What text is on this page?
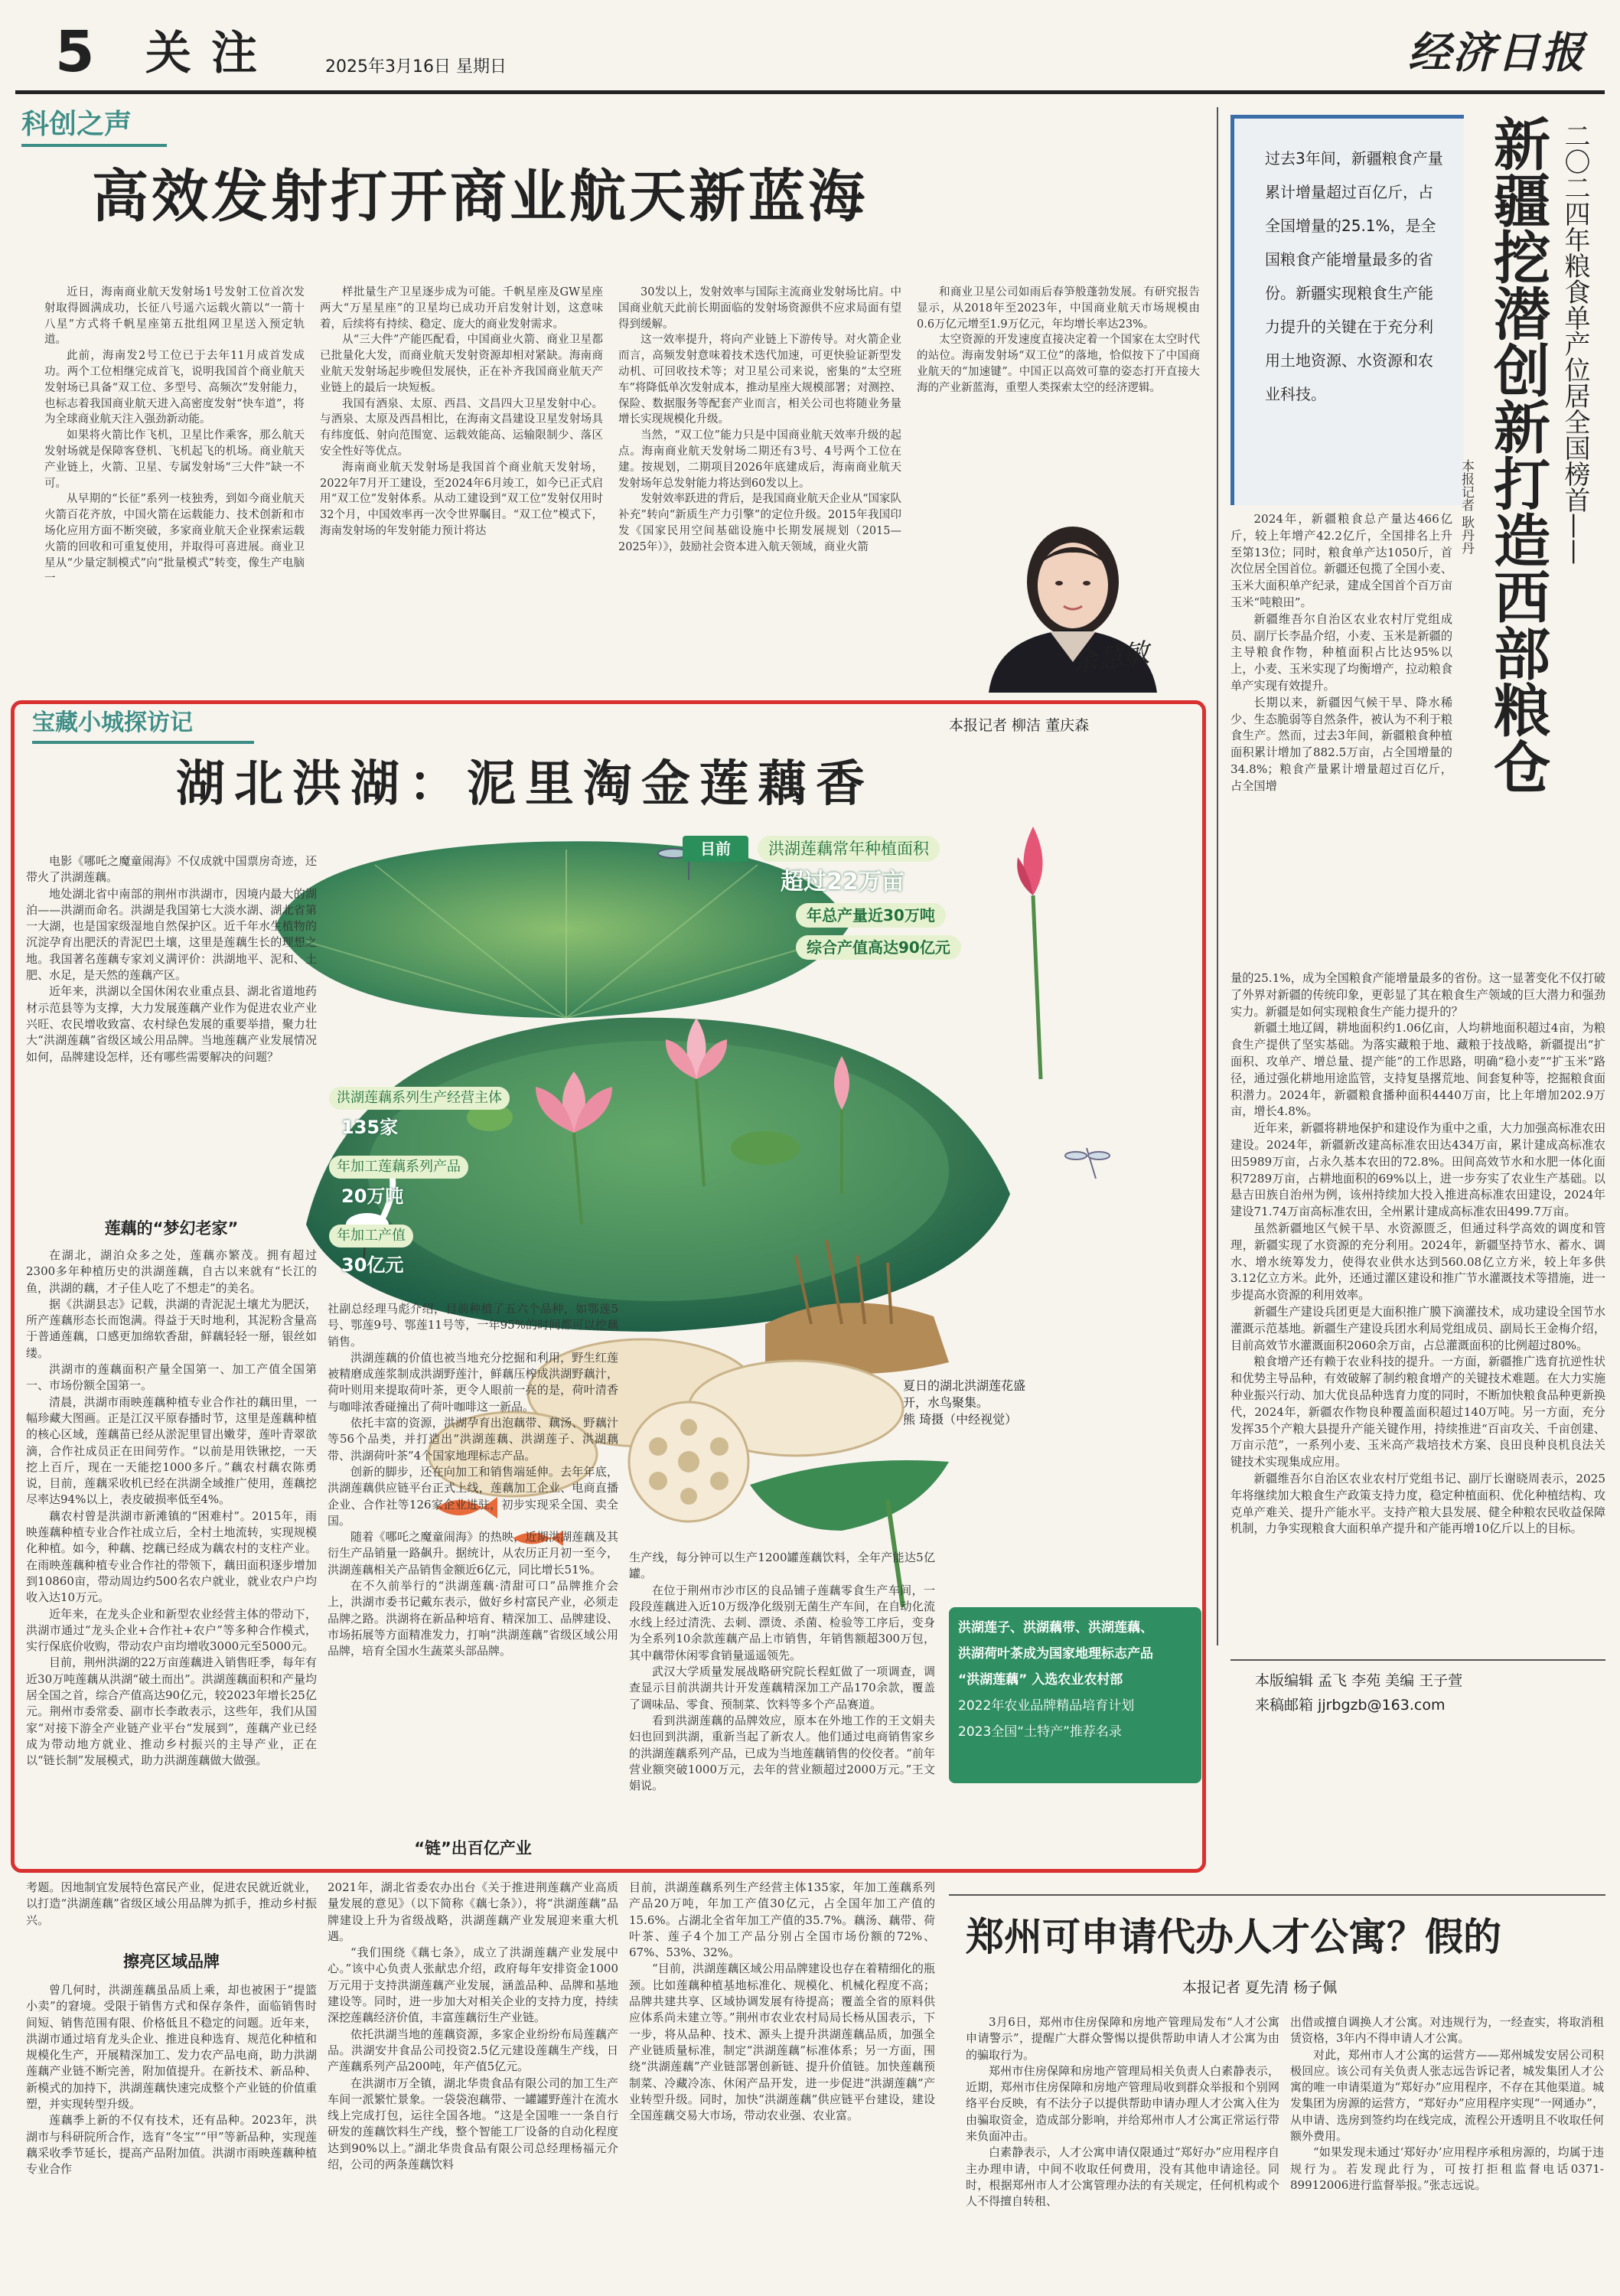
5 关注	2025年3月16日 星期日	经济日报
科创之声
高效发射打开商业航天新蓝海

近日，海南商业航天发射场1号发射工位首次发射取得圆满成功，长征八号遥六运载火箭以“一箭十八星”方式将千帆星座第五批组网卫星送入预定轨道。

此前，海南发2号工位已于去年11月成首发成功。两个工位相继完成首飞，说明我国首个商业航天发射场已具备“双工位、多型号、高频次”发射能力，也标志着我国商业航天进入高密度发射“快车道”，将为全球商业航天注入强劲新动能。

如果将火箭比作飞机，卫星比作乘客，那么航天发射场就是保障客登机、飞机起飞的机场。商业航天产业链上，火箭、卫星、专属发射场“三大件”缺一不可。

从早期的“长征”系列一枝独秀，到如今商业航天火箭百花齐放，中国火箭在运载能力、技术创新和市场化应用方面不断突破，多家商业航天企业探索运载火箭的回收和可重复使用，并取得可喜进展。商业卫星从“少量定制模式”向“批量模式”转变，像生产电脑一

样批量生产卫星逐步成为可能。千帆星座及GW星座两大“万星星座”的卫星均已成功开启发射计划，这意味着，后续将有持续、稳定、庞大的商业发射需求。

从“三大件”产能匹配看，中国商业火箭、商业卫星都已批量化大发，而商业航天发射资源却相对紧缺。海南商业航天发射场起步晚但发展快，正在补齐我国商业航天产业链上的最后一块短板。

我国有酒泉、太原、西昌、文昌四大卫星发射中心。与酒泉、太原及西昌相比，在海南文昌建设卫星发射场具有纬度低、射向范围宽、运载效能高、运输限制少、落区安全性好等优点。

海南商业航天发射场是我国首个商业航天发射场，2022年7月开工建设，至2024年6月竣工，如今已正式启用“双工位”发射体系。从动工建设到“双工位”发射仅用时32个月，中国效率再一次令世界瞩目。“双工位”模式下，海南发射场的年发射能力预计将达

30发以上，发射效率与国际主流商业发射场比肩。中国商业航天此前长期面临的发射场资源供不应求局面有望得到缓解。

这一效率提升，将向产业链上下游传导。对火箭企业而言，高频发射意味着技术迭代加速，可更快验证新型发动机、可回收技术等；对卫星公司来说，密集的“太空班车”将降低单次发射成本，推动星座大规模部署；对测控、保险、数据服务等配套产业而言，相关公司也将随业务量增长实现规模化升级。

当然，“双工位”能力只是中国商业航天效率升级的起点。海南商业航天发射场二期还有3号、4号两个工位在建。按规划，二期项目2026年底建成后，海南商业航天发射场年总发射能力将达到60发以上。

发射效率跃进的背后，是我国商业航天企业从“国家队补充”转向“新质生产力引擎”的定位升级。2015年我国印发《国家民用空间基础设施中长期发展规划（2015—2025年）》，鼓励社会资本进入航天领域，商业火箭

和商业卫星公司如雨后春笋般蓬勃发展。有研究报告显示，从2018年至2023年，中国商业航天市场规模由0.6万亿元增至1.9万亿元，年均增长率达23%。

太空资源的开发速度直接决定着一个国家在太空时代的站位。海南发射场“双工位”的落地，恰似按下了中国商业航天的“加速键”。中国正以高效可靠的姿态打开直接大海的产业新蓝海，重塑人类探索太空的经济逻辑。

余慧敏
过去3年间，新疆粮食产量累计增量超过百亿斤，占全国增量的25.1%，是全国粮食产能增量最多的省份。新疆实现粮食生产能力提升的关键在于充分利用土地资源、水资源和农业科技。	新疆挖潜创新打造西部粮仓 二〇二四年粮食单产位居全国榜首——
本报记者 耿丹丹

2024年，新疆粮食总产量达466亿斤，较上年增产42.2亿斤，全国排名上升至第13位；同时，粮食单产达1050斤，首次位居全国首位。新疆还包揽了全国小麦、玉米大面积单产纪录，建成全国首个百万亩玉米“吨粮田”。

新疆维吾尔自治区农业农村厅党组成员、副厅长李晶介绍，小麦、玉米是新疆的主导粮食作物，种植面积占比达95%以上，小麦、玉米实现了均衡增产，拉动粮食单产实现有效提升。

长期以来，新疆因气候干旱、降水稀少、生态脆弱等自然条件，被认为不利于粮食生产。然而，过去3年间，新疆粮食种植面积累计增加了882.5万亩，占全国增量的34.8%；粮食产量累计增量超过百亿斤，占全国增

量的25.1%，成为全国粮食产能增量最多的省份。这一显著变化不仅打破了外界对新疆的传统印象，更彰显了其在粮食生产领域的巨大潜力和强劲实力。新疆是如何实现粮食生产能力提升的？

新疆土地辽阔，耕地面积约1.06亿亩，人均耕地面积超过4亩，为粮食生产提供了坚实基础。为落实藏粮于地、藏粮于技战略，新疆提出“扩面积、攻单产、增总量、提产能”的工作思路，明确“稳小麦”“扩玉米”路径，通过强化耕地用途监管，支持复垦撂荒地、间套复种等，挖掘粮食面积潜力。2024年，新疆粮食播种面积4440万亩，比上年增加202.9万亩，增长4.8%。

近年来，新疆将耕地保护和建设作为重中之重，大力加强高标准农田建设。2024年，新疆新改建高标准农田达434万亩，累计建成高标准农田5989万亩，占永久基本农田的72.8%。田间高效节水和水肥一体化面积7289万亩，占耕地面积的69%以上，进一步夯实了农业生产基础。以悬吉田族自治州为例，该州持续加大投入推进高标准农田建设，2024年建设71.74万亩高标准农田，全州累计建成高标准农田499.7万亩。

虽然新疆地区气候干旱、水资源匮乏，但通过科学高效的调度和管理，新疆实现了水资源的充分利用。2024年，新疆坚持节水、蓄水、调水、增水统筹发力，使得农业供水达到560.08亿立方米，较上年多供3.12亿立方米。此外，还通过灌区建设和推广节水灌溉技术等措施，进一步提高水资源的利用效率。

新疆生产建设兵团更是大面积推广膜下滴灌技术，成功建设全国节水灌溉示范基地。新疆生产建设兵团水利局党组成员、副局长王金梅介绍，目前高效节水灌溉面积2060余万亩，占总灌溉面积的比例超过80%。

粮食增产还有赖于农业科技的提升。一方面，新疆推广选育抗逆性状和优势主导品种，有效破解了制约粮食增产的关键技术难题。在大力实施种业振兴行动、加大优良品种选育力度的同时，不断加快粮食品种更新换代，2024年，新疆农作物良种覆盖面积超过140万吨。另一方面，充分发挥35个产粮大县提升产能关键作用，持续推进“百亩攻关、千亩创建、万亩示范”，一系列小麦、玉米高产栽培技术方案、良田良种良机良法关键技术实现集成应用。

新疆维吾尔自治区农业农村厅党组书记、副厅长谢晓周表示，2025年将继续加大粮食生产政策支持力度，稳定种植面积、优化种植结构、攻克单产难关、提升产能水平。支持产粮大县发展、健全种粮农民收益保障机制，力争实现粮食大面积单产提升和产能再增10亿斤以上的目标。

本版编辑 孟飞 李苑 美编 王子萱
来稿邮箱 jjrbgzb@163.com
宝藏小城探访记	本报记者 柳洁 董庆森
湖北洪湖：泥里淘金莲藕香
目前	洪湖莲藕常年种植面积
超过22万亩
年总产量近30万吨
综合产值高达90亿元
洪湖莲藕系列生产经营主体
135家
年加工莲藕系列产品
20万吨
年加工产值
30亿元
夏日的湖北洪湖莲花盛
开，水鸟聚集。
熊 琦摄（中经视觉）
洪湖莲子、洪湖藕带、洪湖莲藕、
洪湖荷叶茶成为国家地理标志产品
“洪湖莲藕” 入选农业农村部
2022年农业品牌精品培育计划
2023全国“土特产”推荐名录

电影《哪吒之魔童闹海》不仅成就中国票房奇迹，还带火了洪湖莲藕。

地处湖北省中南部的荆州市洪湖市，因境内最大的湖泊——洪湖而命名。洪湖是我国第七大淡水湖、湖北省第一大湖，也是国家级湿地自然保护区。近千年水生植物的沉淀孕育出肥沃的青泥巴土壤，这里是莲藕生长的理想之地。我国著名莲藕专家刘义满评价：洪湖地平、泥和、土肥、水足，是天然的莲藕产区。

近年来，洪湖以全国休闲农业重点县、湖北省道地药材示范县等为支撑，大力发展莲藕产业作为促进农业产业兴旺、农民增收致富、农村绿色发展的重要举措，聚力壮大“洪湖莲藕”省级区域公用品牌。当地莲藕产业发展情况如何，品牌建设怎样，还有哪些需要解决的问题？

莲藕的“梦幻老家”

在湖北，湖泊众多之处，莲藕亦繁茂。拥有超过2300多年种植历史的洪湖莲藕，自古以来就有“长江的鱼，洪湖的藕，才子佳人吃了不想走”的美名。

据《洪湖县志》记载，洪湖的青泥泥土壤尤为肥沃，所产莲藕形态长而饱满。得益于天时地利，其泥粉含量高于普通莲藕，口感更加绵软香甜，鲜藕轻轻一掰，银丝如缕。

洪湖市的莲藕面积产量全国第一、加工产值全国第一、市场份额全国第一。

清晨，洪湖市雨映莲藕种植专业合作社的藕田里，一幅珍藏大图画。正是江汉平原春播时节，这里是莲藕种植的核心区域，莲藕苗已经从淤泥里冒出嫩芽，莲叶青翠欲滴，合作社成员正在田间劳作。“以前是用铁锹挖，一天挖上百斤，现在一天能挖1000多斤。”藕农村藕农陈勇说，目前，莲藕采收机已经在洪湖全域推广使用，莲藕挖尽率达94%以上，表皮破损率低至4%。

藕农村曾是洪湖市新滩镇的“困难村”。2015年，雨映莲藕种植专业合作社成立后，全村土地流转，实现规模化种植。如今，种藕、挖藕已经成为藕农村的支柱产业。在雨映莲藕种植专业合作社的带领下，藕田面积逐步增加到10860亩，带动周边约500名农户就业，就业农户户均收入达10万元。

近年来，在龙头企业和新型农业经营主体的带动下，洪湖市通过“龙头企业+合作社+农户”等多种合作模式，实行保底价收购，带动农户亩均增收3000元至5000元。

目前，荆州洪湖的22万亩莲藕进入销售旺季，每年有近30万吨莲藕从洪湖“破土而出”。洪湖莲藕面积和产量均居全国之首，综合产值高达90亿元，较2023年增长25亿元。荆州市委常委、副市长李敢表示，这些年，我们从国家“对接下游全产业链产业平台“发展到”，莲藕产业已经成为带动地方就业、推动乡村振兴的主导产业，正在以“链长制”发展模式，助力洪湖莲藕做大做强。

社副总经理马彪介绍，目前种植了五六个品种，如鄂莲5号、鄂莲9号、鄂莲11号等，一年95%的时间都可以挖藕销售。

洪湖莲藕的价值也被当地充分挖掘和利用，野生红莲被精磨成莲浆制成洪湖野莲汁，鲜藕压榨成洪湖野藕汁，荷叶则用来提取荷叶茶，更令人眼前一亮的是，荷叶清香与咖啡浓香碰撞出了荷叶咖啡这一新品。

依托丰富的资源，洪湖孕育出泡藕带、藕汤、野藕汁等56个品类，并打造出“洪湖莲藕、洪湖莲子、洪湖藕带、洪湖荷叶茶”4个国家地理标志产品。

创新的脚步，还在向加工和销售端延伸。去年年底，洪湖莲藕供应链平台正式上线，莲藕加工企业、电商直播企业、合作社等126家企业进驻，初步实现采全国、卖全国。

随着《哪吒之魔童闹海》的热映，近期洪湖莲藕及其衍生产品销量一路飙升。据统计，从农历正月初一至今，洪湖莲藕相关产品销售金额近6亿元，同比增长51%。

在不久前举行的“洪湖莲藕·清甜可口”品牌推介会上，洪湖市委书记戴东表示，做好乡村富民产业，必须走品牌之路。洪湖将在新品种培育、精深加工、品牌建设、市场拓展等方面精准发力，打响“洪湖莲藕”省级区域公用品牌，培育全国水生蔬菜头部品牌。

“链”出百亿产业

生产线，每分钟可以生产1200罐莲藕饮料，全年产能达5亿罐。

在位于荆州市沙市区的良品铺子莲藕零食生产车间，一段段莲藕进入近10万级净化级别无菌生产车间，在自动化流水线上经过清洗、去刺、漂烫、杀菌、检验等工序后，变身为全系列10余款莲藕产品上市销售，年销售额超300万包，其中藕带休闲零食销量遥遥领先。

武汉大学质量发展战略研究院长程虹做了一项调查，调查显示目前洪湖共计开发莲藕精深加工产品170余款，覆盖了调味品、零食、预制菜、饮料等多个产品赛道。

看到洪湖莲藕的品牌效应，原本在外地工作的王文娟夫妇也回到洪湖，重新当起了新农人。他们通过电商销售家乡的洪湖莲藕系列产品，已成为当地莲藕销售的佼佼者。“前年营业额突破1000万元，去年的营业额超过2000万元。”王文娟说。

考题。因地制宜发展特色富民产业，促进农民就近就业，以打造“洪湖莲藕”省级区域公用品牌为抓手，推动乡村振兴。

擦亮区域品牌

曾几何时，洪湖莲藕虽品质上乘，却也被困于“提篮小卖”的窘境。受限于销售方式和保存条件，面临销售时间短、销售范围有限、价格低且不稳定的问题。近年来，洪湖市通过培育龙头企业、推进良种选育、规范化种植和规模化生产，开展精深加工、发力农产品电商，助力洪湖莲藕产业链不断完善，附加值提升。在新技术、新品种、新模式的加持下，洪湖莲藕快速完成整个产业链的价值重塑，并实现转型升级。

莲藕季上新的不仅有技术，还有品种。2023年，洪湖市与科研院所合作，选育“冬宝”“甲”等新品种，实现莲藕采收季节延长，提高产品附加值。洪湖市雨映莲藕种植专业合作

2021年，湖北省委农办出台《关于推进荆莲藕产业高质量发展的意见》（以下简称《藕七条》），将“洪湖莲藕”品牌建设上升为省级战略，洪湖莲藕产业发展迎来重大机遇。

“我们围绕《藕七条》，成立了洪湖莲藕产业发展中心。”该中心负责人张献忠介绍，政府每年安排资金1000万元用于支持洪湖莲藕产业发展，涵盖品种、品牌和基地建设等。同时，进一步加大对相关企业的支持力度，持续深挖莲藕经济价值，丰富莲藕衍生产业链。

依托洪湖当地的莲藕资源，多家企业纷纷布局莲藕产品。洪湖安井食品公司投资2.5亿元建设莲藕生产线，日产莲藕系列产品200吨，年产值5亿元。

在洪湖市万全镇，湖北华贵食品有限公司的加工生产车间一派繁忙景象。一袋袋泡藕带、一罐罐野莲汁在流水线上完成打包，运往全国各地。“这是全国唯一一条自行研发的莲藕饮料生产线，整个智能工厂设备的自动化程度达到90%以上。”湖北华贵食品有限公司总经理杨福元介绍，公司的两条莲藕饮料

目前，洪湖莲藕系列生产经营主体135家，年加工莲藕系列产品20万吨，年加工产值30亿元，占全国年加工产值的15.6%。占湖北全省年加工产值的35.7%。藕汤、藕带、荷叶茶、莲子4个加工产品分别占全国市场份额的72%、67%、53%、32%。

“目前，洪湖莲藕区域公用品牌建设也存在着精细化的瓶颈。比如莲藕种植基地标准化、规模化、机械化程度不高；品牌共建共享、区域协调发展有待提高；覆盖全省的原料供应体系尚未建立等。”荆州市农业农村局局长杨从国表示，下一步，将从品种、技术、源头上提升洪湖莲藕品质，加强全产业链质量标准，制定“洪湖莲藕”标准体系；另一方面，围绕“洪湖莲藕”产业链部署创新链、提升价值链。加快莲藕预制菜、冷藏冷冻、休闲产品开发，进一步促进“洪湖莲藕”产业转型升级。同时，加快“洪湖莲藕”供应链平台建设，建设全国莲藕交易大市场，带动农业强、农业富。

郑州可申请代办人才公寓？假的
本报记者 夏先清 杨子佩

3月6日，郑州市住房保障和房地产管理局发布“人才公寓申请警示”，提醒广大群众警惕以提供帮助申请人才公寓为由的骗取行为。

郑州市住房保障和房地产管理局相关负责人白素静表示，近期，郑州市住房保障和房地产管理局收到群众举报和个别网络平台反映，有不法分子以提供帮助申请办理人才公寓入住为由骗取资金，造成部分影响，并给郑州市人才公寓正常运行带来负面冲击。

白素静表示，人才公寓申请仅限通过“郑好办”应用程序自主办理申请，中间不收取任何费用，没有其他申请途径。同时，根据郑州市人才公寓管理办法的有关规定，任何机构或个人不得擅自转租、

出借或擅自调换人才公寓。对违规行为，一经查实，将取消租赁资格，3年内不得申请人才公寓。

对此，郑州市人才公寓的运营方——郑州城发安居公司积极回应。该公司有关负责人张志远告诉记者，城发集团人才公寓的唯一申请渠道为“郑好办”应用程序，不存在其他渠道。城发集团为房源的运营方，“郑好办”应用程序实现“一网通办”，从申请、选房到签约均在线完成，流程公开透明且不收取任何额外费用。

“如果发现未通过‘郑好办’应用程序承租房源的，均属于违规行为。若发现此行为，可按打拒租监督电话0371-89912006进行监督举报。”张志远说。
